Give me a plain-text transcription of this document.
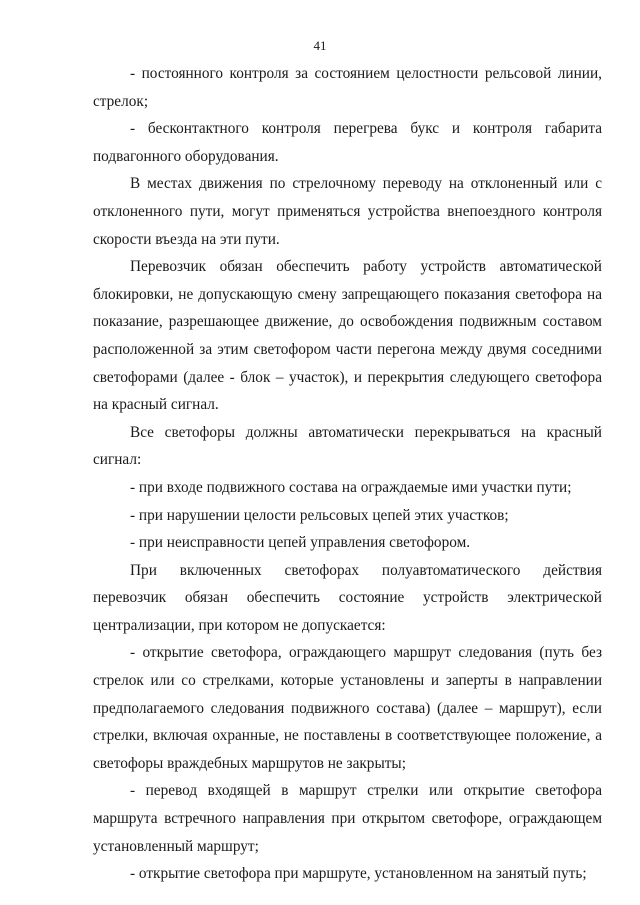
41

- постоянного контроля за состоянием целостности рельсовой линии, стрелок;

- бесконтактного контроля перегрева букс и контроля габарита подвагонного оборудования.

В местах движения по стрелочному переводу на отклоненный или с отклоненного пути, могут применяться устройства внепоездного контроля скорости въезда на эти пути.

Перевозчик обязан обеспечить работу устройств автоматической блокировки, не допускающую смену запрещающего показания светофора на показание, разрешающее движение, до освобождения подвижным составом расположенной за этим светофором части перегона между двумя соседними светофорами (далее - блок – участок), и перекрытия следующего светофора на красный сигнал.

Все светофоры должны автоматически перекрываться на красный сигнал:

- при входе подвижного состава на ограждаемые ими участки пути;

- при нарушении целости рельсовых цепей этих участков;

- при неисправности цепей управления светофором.

При включенных светофорах полуавтоматического действия перевозчик обязан обеспечить состояние устройств электрической централизации, при котором не допускается:

- открытие светофора, ограждающего маршрут следования (путь без стрелок или со стрелками, которые установлены и заперты в направлении предполагаемого следования подвижного состава) (далее – маршрут), если стрелки, включая охранные, не поставлены в соответствующее положение, а светофоры враждебных маршрутов не закрыты;

- перевод входящей в маршрут стрелки или открытие светофора маршрута встречного направления при открытом светофоре, ограждающем установленный маршрут;

- открытие светофора при маршруте, установленном на занятый путь;
